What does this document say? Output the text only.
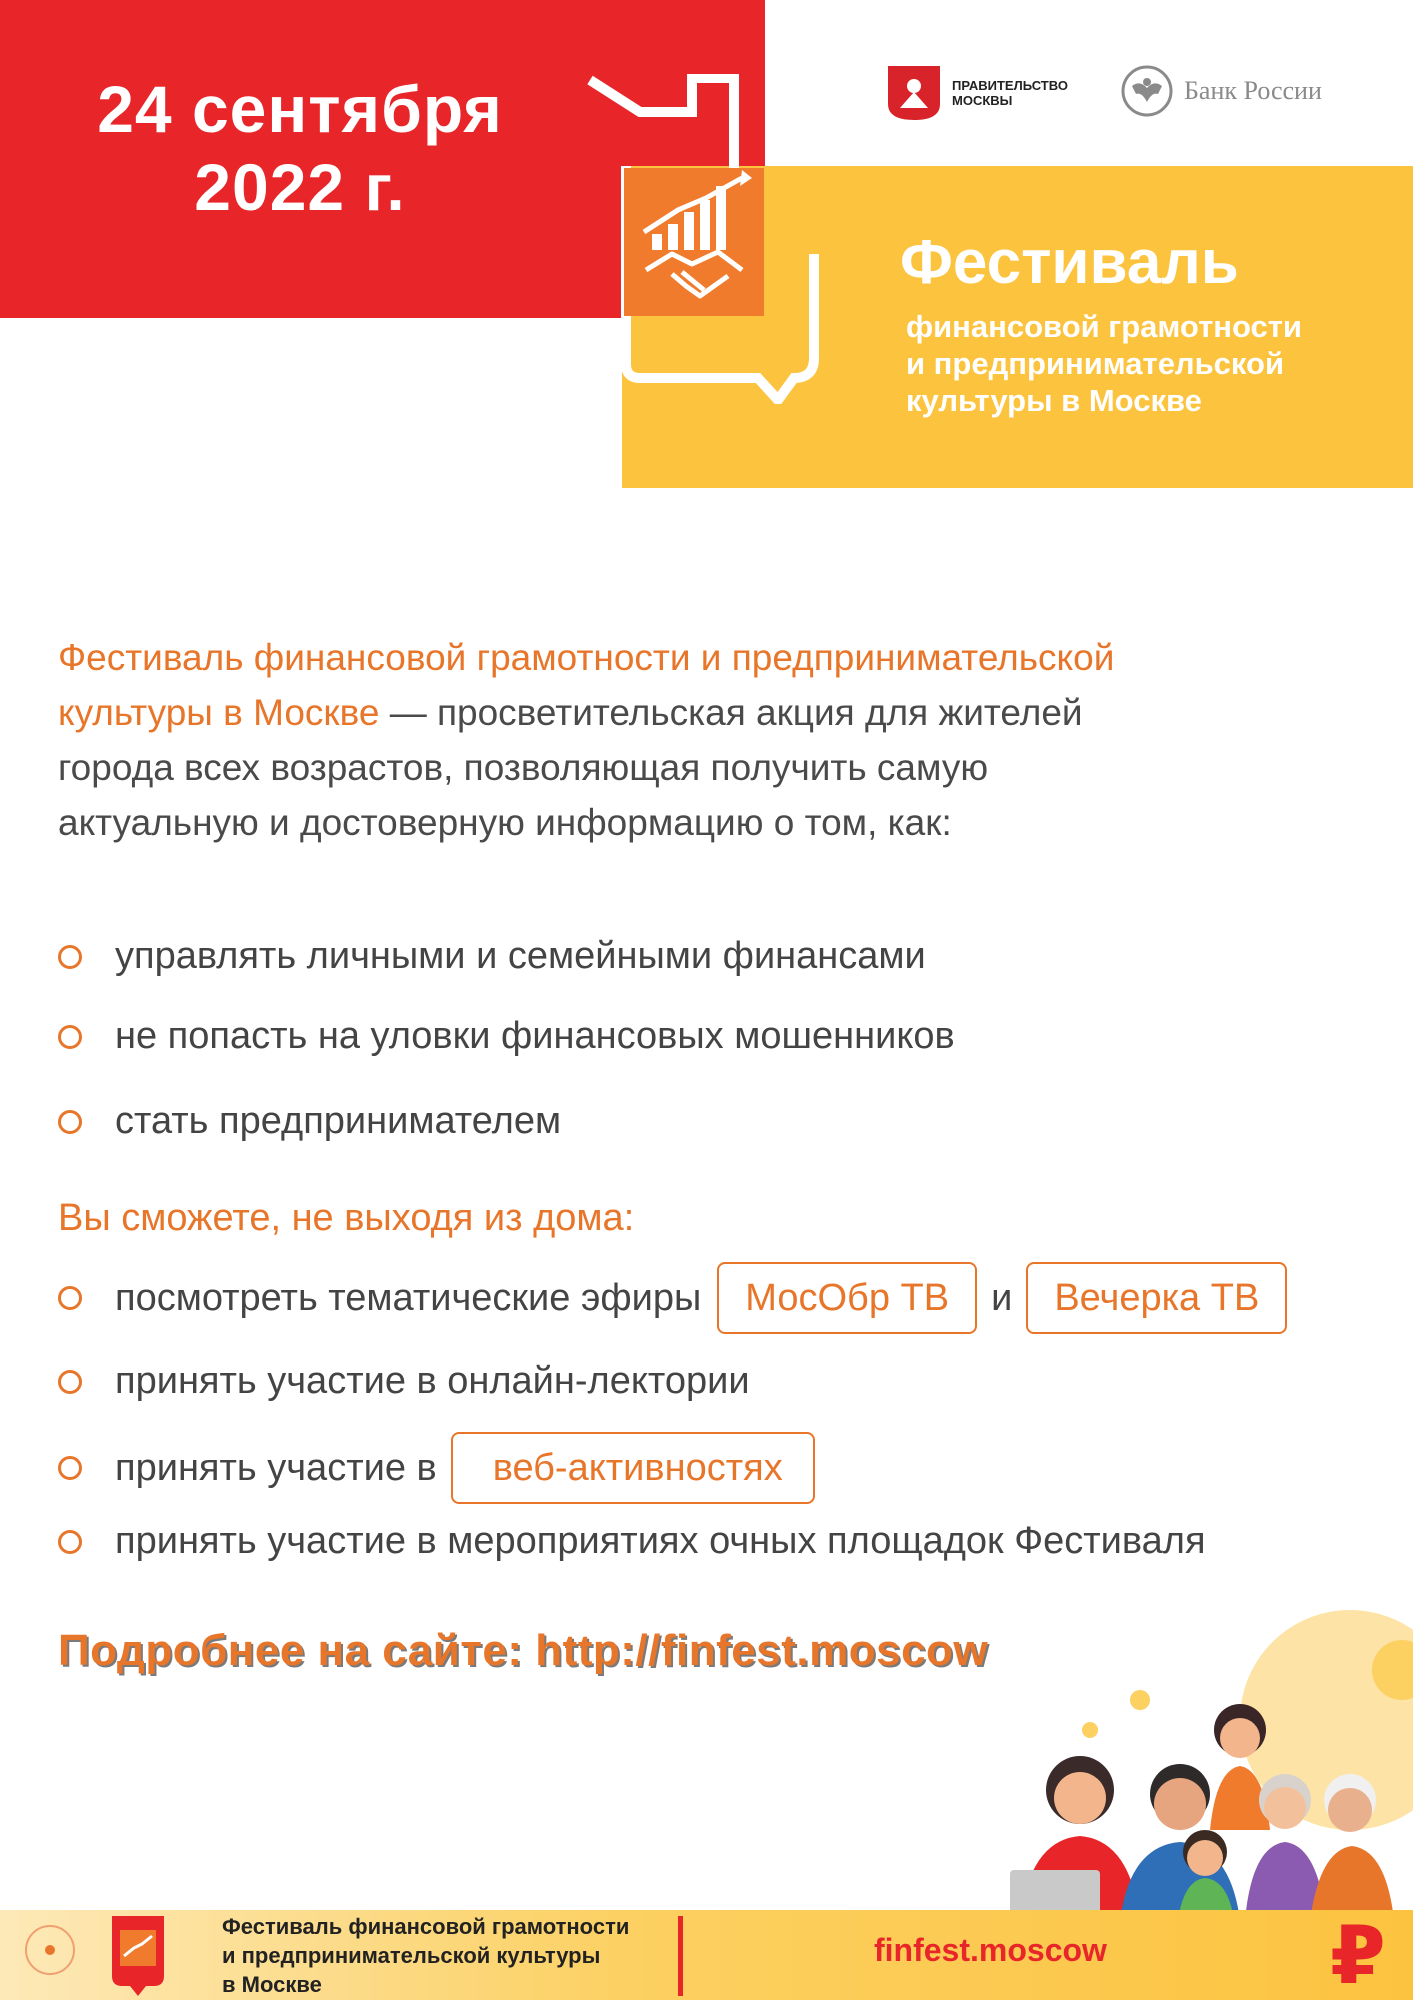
24 сентября
2022 г.
Фестиваль
финансовой грамотности
и предпринимательской
культуры в Москве
ПРАВИТЕЛЬСТВО
МОСКВЫ	Банк России
Фестиваль финансовой грамотности и предпринимательской культуры в Москве — просветительская акция для жителей города всех возрастов, позволяющая получить самую актуальную и достоверную информацию о том, как:
управлять личными и семейными финансами
не попасть на уловки финансовых мошенников
стать предпринимателем
Вы сможете, не выходя из дома:
посмотреть тематические эфиры	МосОбр ТВ	и	Вечерка ТВ
принять участие в онлайн-лектории
принять участие в	веб-активностях
принять участие в мероприятиях очных площадок Фестиваля
Подробнее на сайте: http://finfest.moscow
Фестиваль финансовой грамотности
и предпринимательской культуры
в Москве
finfest.moscow	₽
